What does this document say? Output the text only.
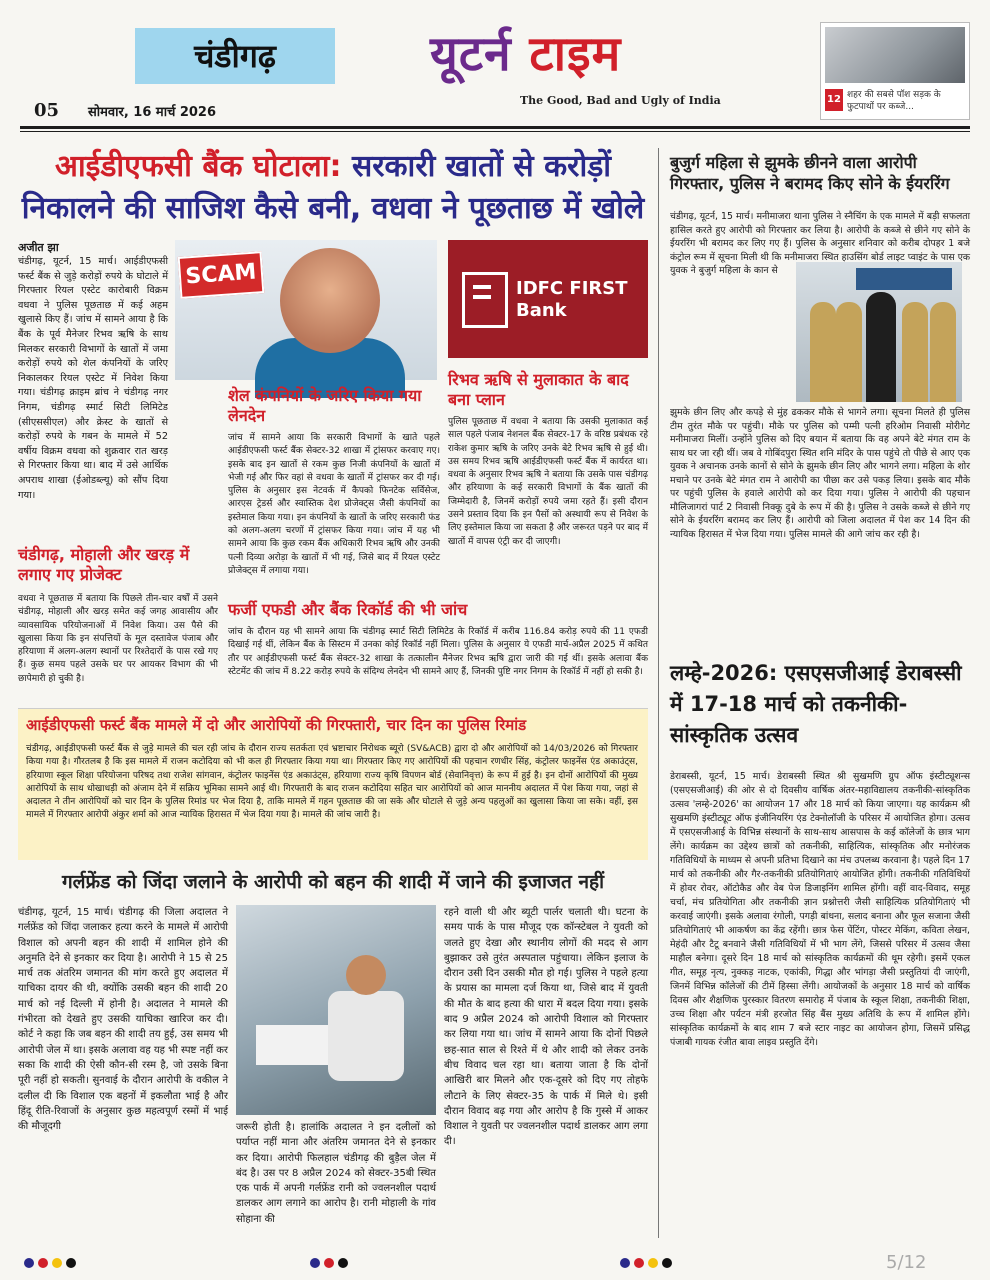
चंडीगढ़	यूटर्न टाइम
The Good, Bad and Ugly of India
05 सोमवार, 16 मार्च 2026
12 शहर की सबसे पॉश सड़क के फुटपाथों पर कब्जे...
आईडीएफसी बैंक घोटाला: सरकारी खातों से करोड़ों निकालने की साजिश कैसे बनी, वधवा ने पूछताछ में खोले
अजीत झा
चंडीगढ़, यूटर्न, 15 मार्च। आईडीएफसी फर्स्ट बैंक से जुड़े करोड़ों रुपये के घोटाले में गिरफ्तार रियल एस्टेट कारोबारी विक्रम वधवा ने पुलिस पूछताछ में कई अहम खुलासे किए हैं। जांच में सामने आया है कि बैंक के पूर्व मैनेजर रिभव ऋषि के साथ मिलकर सरकारी विभागों के खातों में जमा करोड़ों रुपये को शेल कंपनियों के जरिए निकालकर रियल एस्टेट में निवेश किया गया। चंडीगढ़ क्राइम ब्रांच ने चंडीगढ़ नगर निगम, चंडीगढ़ स्मार्ट सिटी लिमिटेड (सीएससीएल) और क्रेस्ट के खातों से करोड़ों रुपये के गबन के मामले में 52 वर्षीय विक्रम वधवा को शुक्रवार रात खरड़ से गिरफ्तार किया था। बाद में उसे आर्थिक अपराध शाखा (ईओडब्ल्यू) को सौंप दिया गया।
SCAM	IDFC FIRST Bank
शेल कंपनियों के जरिए किया गया लेनदेन
जांच में सामने आया कि सरकारी विभागों के खाते पहले आईडीएफसी फर्स्ट बैंक सेक्टर-32 शाखा में ट्रांसफर करवाए गए। इसके बाद इन खातों से रकम कुछ निजी कंपनियों के खातों में भेजी गई और फिर वहां से वधवा के खातों में ट्रांसफर कर दी गई। पुलिस के अनुसार इस नेटवर्क में कैपको फिनटेक सर्विसेज, आरएस ट्रेडर्स और स्वास्तिक देश प्रोजेक्ट्स जैसी कंपनियों का इस्तेमाल किया गया। इन कंपनियों के खातों के जरिए सरकारी फंड को अलग-अलग चरणों में ट्रांसफर किया गया। जांच में यह भी सामने आया कि कुछ रकम बैंक अधिकारी रिभव ऋषि और उनकी पत्नी दिव्या अरोड़ा के खातों में भी गई, जिसे बाद में रियल एस्टेट प्रोजेक्ट्स में लगाया गया।
रिभव ऋषि से मुलाकात के बाद बना प्लान
पुलिस पूछताछ में वधवा ने बताया कि उसकी मुलाकात कई साल पहले पंजाब नेशनल बैंक सेक्टर-17 के वरिष्ठ प्रबंधक रहे राकेश कुमार ऋषि के जरिए उनके बेटे रिभव ऋषि से हुई थी। उस समय रिभव ऋषि आईडीएफसी फर्स्ट बैंक में कार्यरत था। वधवा के अनुसार रिभव ऋषि ने बताया कि उसके पास चंडीगढ़ और हरियाणा के कई सरकारी विभागों के बैंक खातों की जिम्मेदारी है, जिनमें करोड़ों रुपये जमा रहते हैं। इसी दौरान उसने प्रस्ताव दिया कि इन पैसों को अस्थायी रूप से निवेश के लिए इस्तेमाल किया जा सकता है और जरूरत पड़ने पर बाद में खातों में वापस एंट्री कर दी जाएगी।
चंडीगढ़, मोहाली और खरड़ में लगाए गए प्रोजेक्ट
वधवा ने पूछताछ में बताया कि पिछले तीन-चार वर्षों में उसने चंडीगढ़, मोहाली और खरड़ समेत कई जगह आवासीय और व्यावसायिक परियोजनाओं में निवेश किया। उस पैसे की खुलासा किया कि इन संपत्तियों के मूल दस्तावेज पंजाब और हरियाणा में अलग-अलग स्थानों पर रिश्तेदारों के पास रखे गए हैं। कुछ समय पहले उसके घर पर आयकर विभाग की भी छापेमारी हो चुकी है।
फर्जी एफडी और बैंक रिकॉर्ड की भी जांच
जांच के दौरान यह भी सामने आया कि चंडीगढ़ स्मार्ट सिटी लिमिटेड के रिकॉर्ड में करीब 116.84 करोड़ रुपये की 11 एफडी दिखाई गई थीं, लेकिन बैंक के सिस्टम में उनका कोई रिकॉर्ड नहीं मिला। पुलिस के अनुसार ये एफडी मार्च-अप्रैल 2025 में कथित तौर पर आईडीएफसी फर्स्ट बैंक सेक्टर-32 शाखा के तत्कालीन मैनेजर रिभव ऋषि द्वारा जारी की गई थीं। इसके अलावा बैंक स्टेटमेंट की जांच में 8.22 करोड़ रुपये के संदिग्ध लेनदेन भी सामने आए हैं, जिनकी पुष्टि नगर निगम के रिकॉर्ड में नहीं हो सकी है।
आईडीएफसी फर्स्ट बैंक मामले में दो और आरोपियों की गिरफ्तारी, चार दिन का पुलिस रिमांड
चंडीगढ़, आईडीएफसी फर्स्ट बैंक से जुड़े मामले की चल रही जांच के दौरान राज्य सतर्कता एवं भ्रष्टाचार निरोधक ब्यूरो (SV&ACB) द्वारा दो और आरोपियों को 14/03/2026 को गिरफ्तार किया गया है। गौरतलब है कि इस मामले में राजन कटोदिया को भी कल ही गिरफ्तार किया गया था। गिरफ्तार किए गए आरोपियों की पहचान रणधीर सिंह, कंट्रोलर फाइनेंस एंड अकाउंट्स, हरियाणा स्कूल शिक्षा परियोजना परिषद तथा राजेश सांगवान, कंट्रोलर फाइनेंस एंड अकाउंट्स, हरियाणा राज्य कृषि विपणन बोर्ड (सेवानिवृत्त) के रूप में हुई है। इन दोनों आरोपियों की मुख्य आरोपियों के साथ धोखाधड़ी को अंजाम देने में सक्रिय भूमिका सामने आई थी। गिरफ्तारी के बाद राजन कटोदिया सहित चार आरोपियों को आज माननीय अदालत में पेश किया गया, जहां से अदालत ने तीन आरोपियों को चार दिन के पुलिस रिमांड पर भेज दिया है, ताकि मामले में गहन पूछताछ की जा सके और घोटाले से जुड़े अन्य पहलुओं का खुलासा किया जा सके। वहीं, इस मामले में गिरफ्तार आरोपी अंकुर शर्मा को आज न्यायिक हिरासत में भेज दिया गया है। मामले की जांच जारी है।
गर्लफ्रेंड को जिंदा जलाने के आरोपी को बहन की शादी में जाने की इजाजत नहीं
चंडीगढ़, यूटर्न, 15 मार्च। चंडीगढ़ की जिला अदालत ने गर्लफ्रेंड को जिंदा जलाकर हत्या करने के मामले में आरोपी विशाल को अपनी बहन की शादी में शामिल होने की अनुमति देने से इनकार कर दिया है। आरोपी ने 15 से 25 मार्च तक अंतरिम जमानत की मांग करते हुए अदालत में याचिका दायर की थी, क्योंकि उसकी बहन की शादी 20 मार्च को नई दिल्ली में होनी है। अदालत ने मामले की गंभीरता को देखते हुए उसकी याचिका खारिज कर दी। कोर्ट ने कहा कि जब बहन की शादी तय हुई, उस समय भी आरोपी जेल में था। इसके अलावा वह यह भी स्पष्ट नहीं कर सका कि शादी की ऐसी कौन-सी रस्म है, जो उसके बिना पूरी नहीं हो सकती। सुनवाई के दौरान आरोपी के वकील ने दलील दी कि विशाल एक बहनों में इकलौता भाई है और हिंदू रीति-रिवाजों के अनुसार कुछ महत्वपूर्ण रस्मों में भाई की मौजूदगी	जरूरी होती है। हालांकि अदालत ने इन दलीलों को पर्याप्त नहीं माना और अंतरिम जमानत देने से इनकार कर दिया। आरोपी फिलहाल चंडीगढ़ की बुड़ैल जेल में बंद है। उस पर 8 अप्रैल 2024 को सेक्टर-35बी स्थित एक पार्क में अपनी गर्लफ्रेंड रानी को ज्वलनशील पदार्थ डालकर आग लगाने का आरोप है। रानी मोहाली के गांव सोहाना की
रहने वाली थी और ब्यूटी पार्लर चलाती थी। घटना के समय पार्क के पास मौजूद एक कॉन्स्टेबल ने युवती को जलते हुए देखा और स्थानीय लोगों की मदद से आग बुझाकर उसे तुरंत अस्पताल पहुंचाया। लेकिन इलाज के दौरान उसी दिन उसकी मौत हो गई। पुलिस ने पहले हत्या के प्रयास का मामला दर्ज किया था, जिसे बाद में युवती की मौत के बाद हत्या की धारा में बदल दिया गया। इसके बाद 9 अप्रैल 2024 को आरोपी विशाल को गिरफ्तार कर लिया गया था। जांच में सामने आया कि दोनों पिछले छह-सात साल से रिश्ते में थे और शादी को लेकर उनके बीच विवाद चल रहा था। बताया जाता है कि दोनों आखिरी बार मिलने और एक-दूसरे को दिए गए तोहफे लौटाने के लिए सेक्टर-35 के पार्क में मिले थे। इसी दौरान विवाद बढ़ गया और आरोप है कि गुस्से में आकर विशाल ने युवती पर ज्वलनशील पदार्थ डालकर आग लगा दी।
बुजुर्ग महिला से झुमके छीनने वाला आरोपी गिरफ्तार, पुलिस ने बरामद किए सोने के ईयररिंग
चंडीगढ़, यूटर्न, 15 मार्च। मनीमाजरा थाना पुलिस ने स्नैचिंग के एक मामले में बड़ी सफलता हासिल करते हुए आरोपी को गिरफ्तार कर लिया है। आरोपी के कब्जे से छीने गए सोने के ईयररिंग भी बरामद कर लिए गए हैं। पुलिस के अनुसार शनिवार को करीब दोपहर 1 बजे कंट्रोल रूम में सूचना मिली थी कि मनीमाजरा स्थित हाउसिंग बोर्ड लाइट प्वाइंट के पास एक युवक ने बुजुर्ग महिला के कान से
झुमके छीन लिए और कपड़े से मुंह ढककर मौके से भागने लगा। सूचना मिलते ही पुलिस टीम तुरंत मौके पर पहुंची। मौके पर पुलिस को पम्मी पत्नी हरिओम निवासी मोरीगेट मनीमाजरा मिलीं। उन्होंने पुलिस को दिए बयान में बताया कि वह अपने बेटे मंगत राम के साथ घर जा रही थीं। जब वे गोबिंदपुरा स्थित शनि मंदिर के पास पहुंचे तो पीछे से आए एक युवक ने अचानक उनके कानों से सोने के झुमके छीन लिए और भागने लगा। महिला के शोर मचाने पर उनके बेटे मंगत राम ने आरोपी का पीछा कर उसे पकड़ लिया। इसके बाद मौके पर पहुंची पुलिस के हवाले आरोपी को कर दिया गया। पुलिस ने आरोपी की पहचान मौलिजागरां पार्ट 2 निवासी निक्कू दुबे के रूप में की है। पुलिस ने उसके कब्जे से छीने गए सोने के ईयररिंग बरामद कर लिए हैं। आरोपी को जिला अदालत में पेश कर 14 दिन की न्यायिक हिरासत में भेज दिया गया। पुलिस मामले की आगे जांच कर रही है।
लम्हे-2026: एसएसजीआई डेराबस्सी में 17-18 मार्च को तकनीकी-सांस्कृतिक उत्सव
डेराबस्सी, यूटर्न, 15 मार्च। डेराबस्सी स्थित श्री सुखमणि ग्रुप ऑफ इंस्टीट्यूशन्स (एसएसजीआई) की ओर से दो दिवसीय वार्षिक अंतर-महाविद्यालय तकनीकी-सांस्कृतिक उत्सव 'लम्हे-2026' का आयोजन 17 और 18 मार्च को किया जाएगा। यह कार्यक्रम श्री सुखमणि इंस्टीट्यूट ऑफ इंजीनियरिंग एंड टेक्नोलॉजी के परिसर में आयोजित होगा। उत्सव में एसएसजीआई के विभिन्न संस्थानों के साथ-साथ आसपास के कई कॉलेजों के छात्र भाग लेंगे। कार्यक्रम का उद्देश्य छात्रों को तकनीकी, साहित्यिक, सांस्कृतिक और मनोरंजक गतिविधियों के माध्यम से अपनी प्रतिभा दिखाने का मंच उपलब्ध करवाना है। पहले दिन 17 मार्च को तकनीकी और गैर-तकनीकी प्रतियोगिताएं आयोजित होंगी। तकनीकी गतिविधियों में होवर रोवर, ऑटोकैड और वेब पेज डिजाइनिंग शामिल होंगी। वहीं वाद-विवाद, समूह चर्चा, मंच प्रतियोगिता और तकनीकी ज्ञान प्रश्नोत्तरी जैसी साहित्यिक प्रतियोगिताएं भी करवाई जाएंगी। इसके अलावा रंगोली, पगड़ी बांधना, सलाद बनाना और फूल सजाना जैसी प्रतियोगिताएं भी आकर्षण का केंद्र रहेंगी। छात्र फेस पेंटिंग, पोस्टर मेकिंग, कविता लेखन, मेहंदी और टैटू बनवाने जैसी गतिविधियों में भी भाग लेंगे, जिससे परिसर में उत्सव जैसा माहौल बनेगा। दूसरे दिन 18 मार्च को सांस्कृतिक कार्यक्रमों की धूम रहेगी। इसमें एकल गीत, समूह नृत्य, नुक्कड़ नाटक, एकांकी, गिद्धा और भांगड़ा जैसी प्रस्तुतियां दी जाएंगी, जिनमें विभिन्न कॉलेजों की टीमें हिस्सा लेंगी। आयोजकों के अनुसार 18 मार्च को वार्षिक दिवस और शैक्षणिक पुरस्कार वितरण समारोह में पंजाब के स्कूल शिक्षा, तकनीकी शिक्षा, उच्च शिक्षा और पर्यटन मंत्री हरजोत सिंह बैंस मुख्य अतिथि के रूप में शामिल होंगे। सांस्कृतिक कार्यक्रमों के बाद शाम 7 बजे स्टार नाइट का आयोजन होगा, जिसमें प्रसिद्ध पंजाबी गायक रंजीत बावा लाइव प्रस्तुति देंगे।
5/12
